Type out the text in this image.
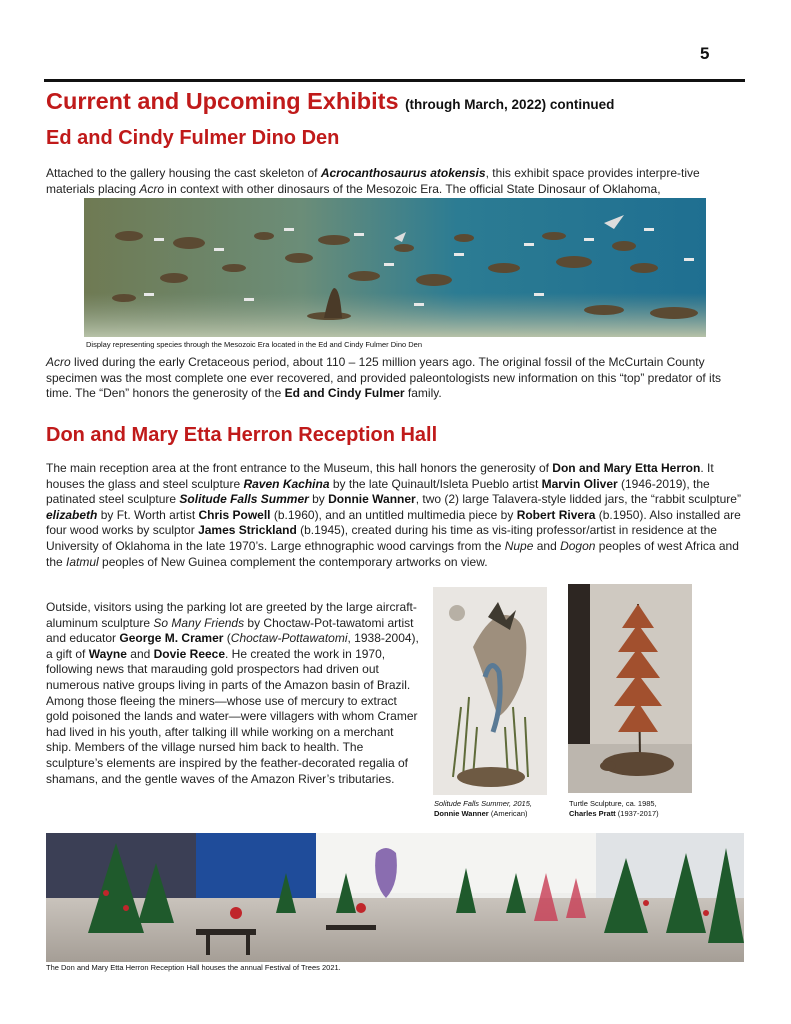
5
Current and Upcoming Exhibits (through March, 2022) continued
Ed and Cindy Fulmer Dino Den
Attached to the gallery housing the cast skeleton of Acrocanthosaurus atokensis, this exhibit space provides interpre-tive materials placing Acro in context with other dinosaurs of the Mesozoic Era. The official State Dinosaur of Oklahoma,
Display representing species through the Mesozoic Era located in the Ed and Cindy Fulmer Dino Den
Acro lived during the early Cretaceous period, about 110 – 125 million years ago. The original fossil of the McCurtain County specimen was the most complete one ever recovered, and provided paleontologists new information on this “top” predator of its time. The “Den” honors the generosity of the Ed and Cindy Fulmer family.
Don and Mary Etta Herron Reception Hall
The main reception area at the front entrance to the Museum, this hall honors the generosity of Don and Mary Etta Herron. It houses the glass and steel sculpture Raven Kachina by the late Quinault/Isleta Pueblo artist Marvin Oliver (1946-2019), the patinated steel sculpture Solitude Falls Summer by Donnie Wanner, two (2) large Talavera-style lidded jars, the “rabbit sculpture” elizabeth by Ft. Worth artist Chris Powell (b.1960), and an untitled multimedia piece by Robert Rivera (b.1950). Also installed are four wood works by sculptor James Strickland (b.1945), created during his time as vis-iting professor/artist in residence at the University of Oklahoma in the late 1970’s. Large ethnographic wood carvings from the Nupe and Dogon peoples of west Africa and the Iatmul peoples of New Guinea complement the contemporary artworks on view.
Outside, visitors using the parking lot are greeted by the large aircraft-aluminum sculpture So Many Friends by Choctaw-Pot-tawatomi artist and educator George M. Cramer (Choctaw-Pottawatomi, 1938-2004), a gift of Wayne and Dovie Reece. He created the work in 1970, following news that marauding gold prospectors had driven out numerous native groups living in parts of the Amazon basin of Brazil. Among those fleeing the miners—whose use of mercury to extract gold poisoned the lands and water—were villagers with whom Cramer had lived in his youth, after talking ill while working on a merchant ship. Members of the village nursed him back to health. The sculpture’s elements are inspired by the feather-decorated regalia of shamans, and the gentle waves of the Amazon River’s tributaries.
Solitude Falls Summer, 2015,
Donnie Wanner (American)
Turtle Sculpture, ca. 1985,
Charles Pratt (1937-2017)
The Don and Mary Etta Herron Reception Hall houses the annual Festival of Trees 2021.
